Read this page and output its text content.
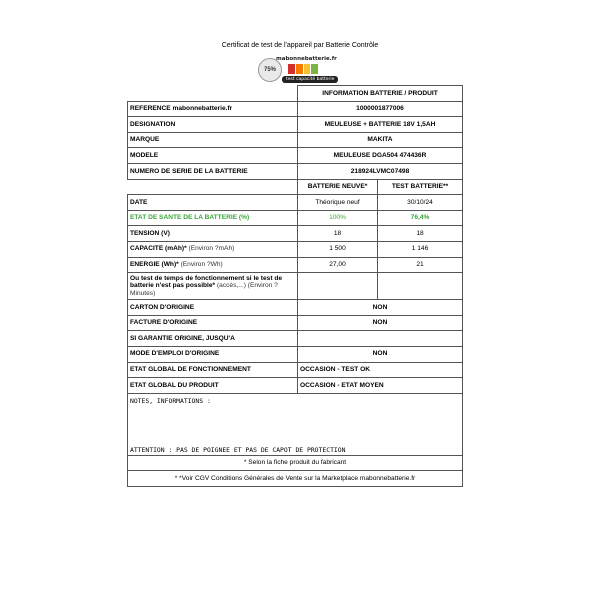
Certificat de test de l'appareil par Batterie Contrôle
75%
mabonnebatterie.fr
test capacité batterie
	INFORMATION BATTERIE / PRODUIT	
REFERENCE mabonnebatterie.fr	1000001877006	
DESIGNATION	MEULEUSE + BATTERIE 18V 1,5AH	
MARQUE	MAKITA	
MODELE	MEULEUSE DGA504 474436R	
NUMERO DE SERIE DE LA BATTERIE	218924LVMC07498	
	BATTERIE NEUVE*	TEST BATTERIE**
DATE	Théorique neuf	30/10/24
ETAT DE SANTE DE LA BATTERIE (%)	100%	76,4%
TENSION (V)	18	18
CAPACITE (mAh)* (Environ ?mAh)	1 500	1 146
ENERGIE (Wh)* (Environ ?Wh)	27,00	21
Ou test de temps de fonctionnement si le test de batterie n'est pas possible* (accès,...) (Environ ?Minutes)		
CARTON D'ORIGINE	NON	
FACTURE D'ORIGINE	NON	
SI GARANTIE ORIGINE, JUSQU'A		
MODE D'EMPLOI D'ORIGINE	NON	
ETAT GLOBAL DE FONCTIONNEMENT	OCCASION - TEST OK	
ETAT GLOBAL DU PRODUIT	OCCASION - ETAT MOYEN	

NOTES, INFORMATIONS :
ATTENTION : PAS DE POIGNEE ET PAS DE CAPOT DE PROTECTION		

* Selon la fiche produit du fabricant		
* *Voir CGV Conditions Générales de Vente sur la Marketplace mabonnebatterie.fr		
